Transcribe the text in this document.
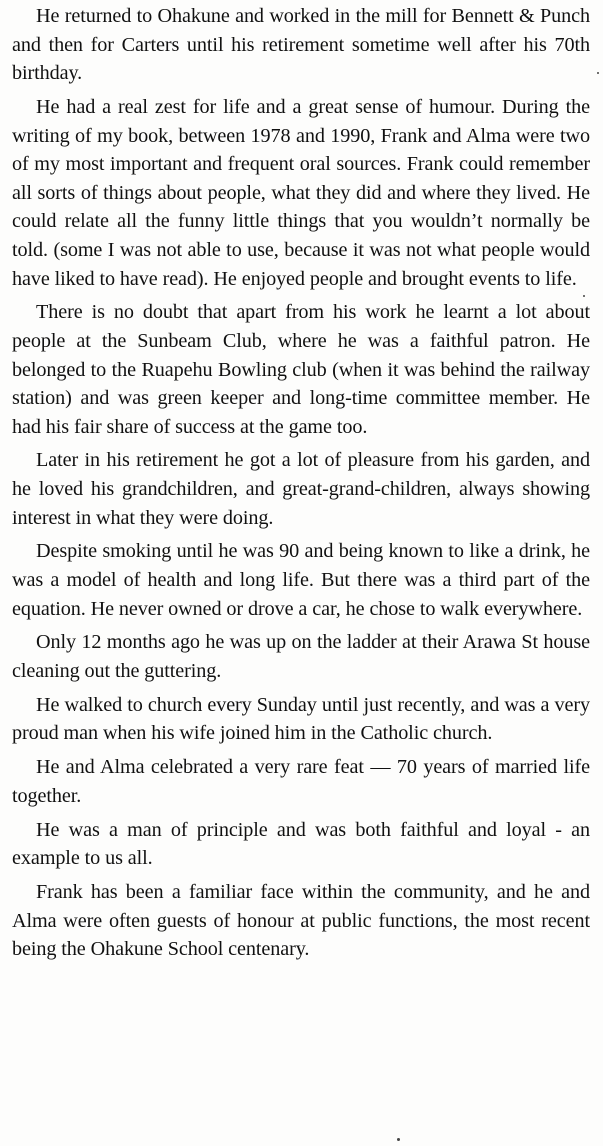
He returned to Ohakune and worked in the mill for Bennett & Punch and then for Carters until his retirement sometime well after his 70th birthday.

He had a real zest for life and a great sense of humour. During the writing of my book, between 1978 and 1990, Frank and Alma were two of my most important and frequent oral sources. Frank could remember all sorts of things about people, what they did and where they lived. He could relate all the funny little things that you wouldn’t normally be told. (some I was not able to use, because it was not what people would have liked to have read). He enjoyed people and brought events to life.

There is no doubt that apart from his work he learnt a lot about people at the Sunbeam Club, where he was a faithful patron. He belonged to the Ruapehu Bowling club (when it was behind the railway station) and was green keeper and long-time committee member. He had his fair share of success at the game too.

Later in his retirement he got a lot of pleasure from his garden, and he loved his grandchildren, and great-grand-children, always showing interest in what they were doing.

Despite smoking until he was 90 and being known to like a drink, he was a model of health and long life. But there was a third part of the equation. He never owned or drove a car, he chose to walk everywhere.

Only 12 months ago he was up on the ladder at their Arawa St house cleaning out the guttering.

He walked to church every Sunday until just recently, and was a very proud man when his wife joined him in the Catholic church.

He and Alma celebrated a very rare feat — 70 years of married life together.

He was a man of principle and was both faithful and loyal - an example to us all.

Frank has been a familiar face within the community, and he and Alma were often guests of honour at public functions, the most recent being the Ohakune School centenary.
